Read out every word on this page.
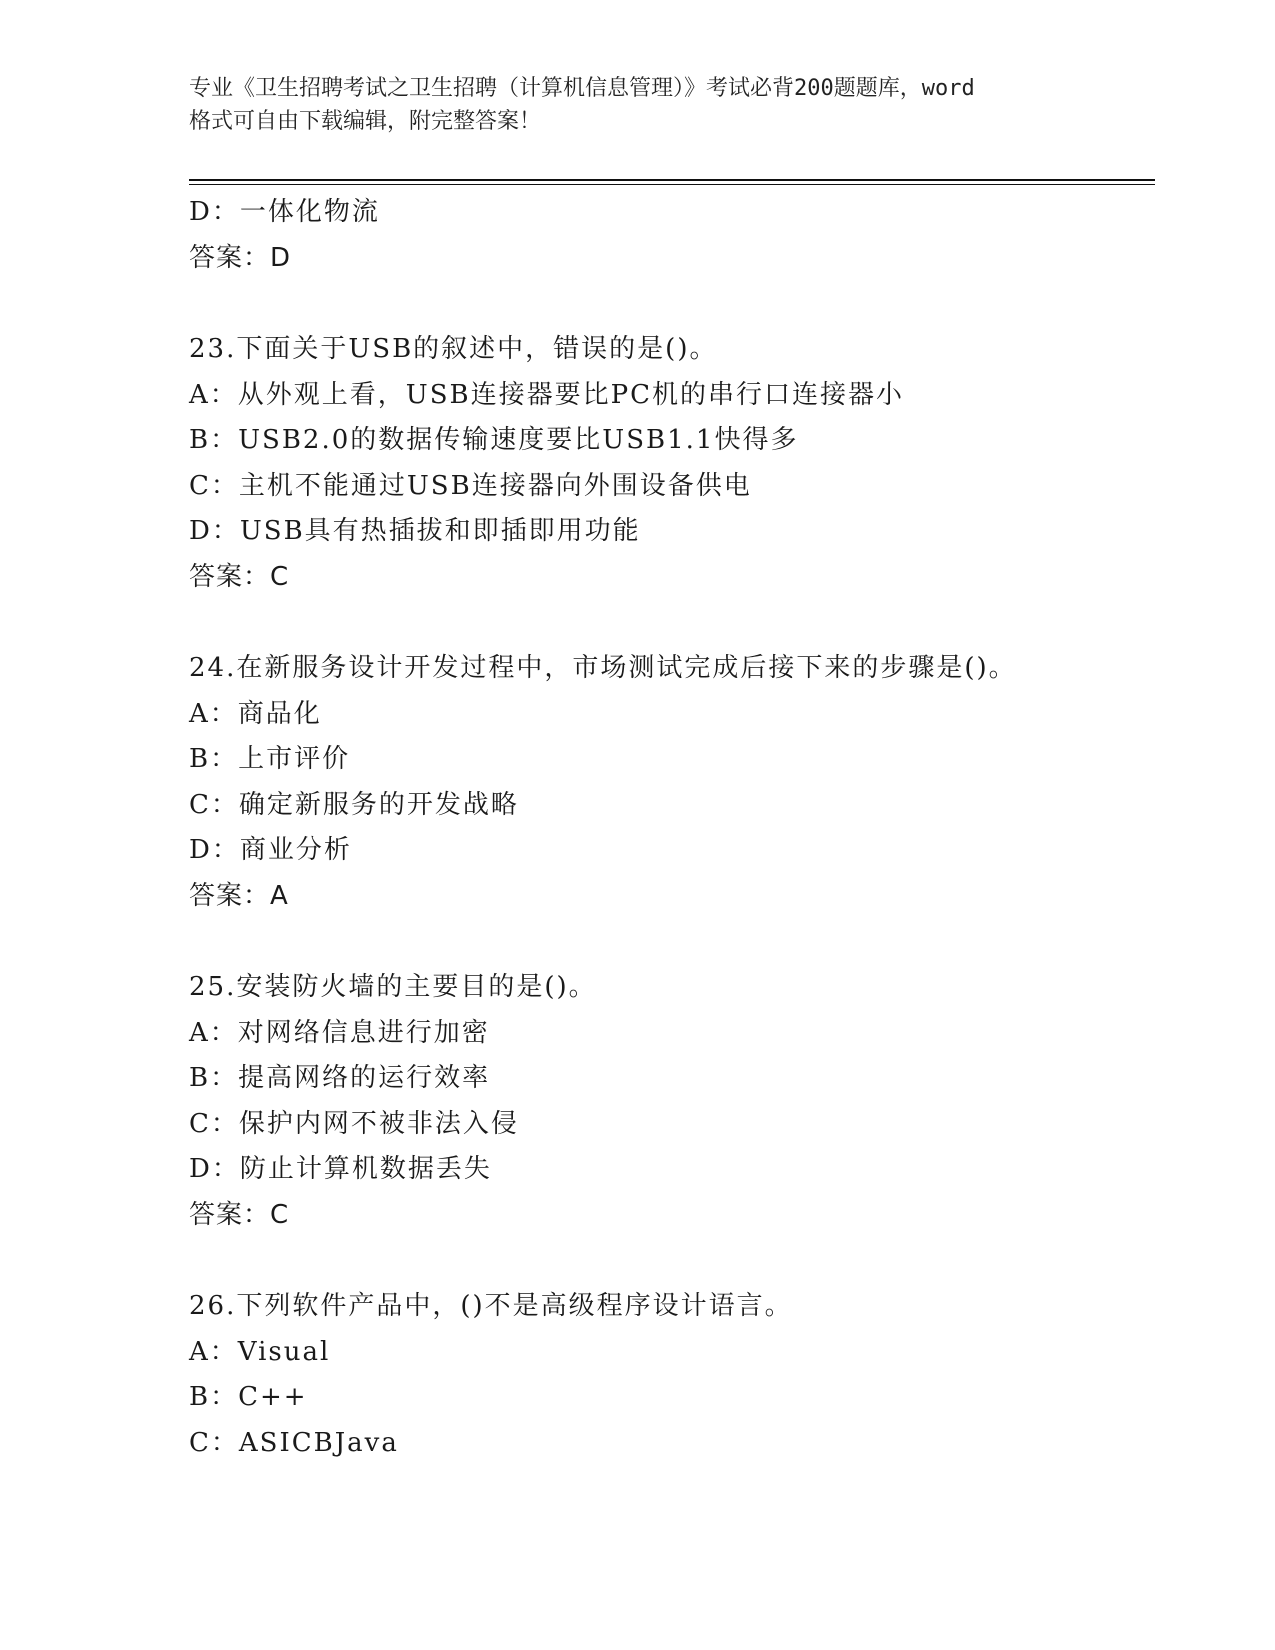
专业《卫生招聘考试之卫生招聘（计算机信息管理）》考试必背200题题库，word
格式可自由下载编辑，附完整答案！
D：一体化物流
答案：D
23.下面关于USB的叙述中，错误的是()。
A：从外观上看，USB连接器要比PC机的串行口连接器小
B：USB2.0的数据传输速度要比USB1.1快得多
C：主机不能通过USB连接器向外围设备供电
D：USB具有热插拔和即插即用功能
答案：C
24.在新服务设计开发过程中，市场测试完成后接下来的步骤是()。
A：商品化
B：上市评价
C：确定新服务的开发战略
D：商业分析
答案：A
25.安装防火墙的主要目的是()。
A：对网络信息进行加密
B：提高网络的运行效率
C：保护内网不被非法入侵
D：防止计算机数据丢失
答案：C
26.下列软件产品中，()不是高级程序设计语言。
A：Visual
B：C++
C：ASICBJava
